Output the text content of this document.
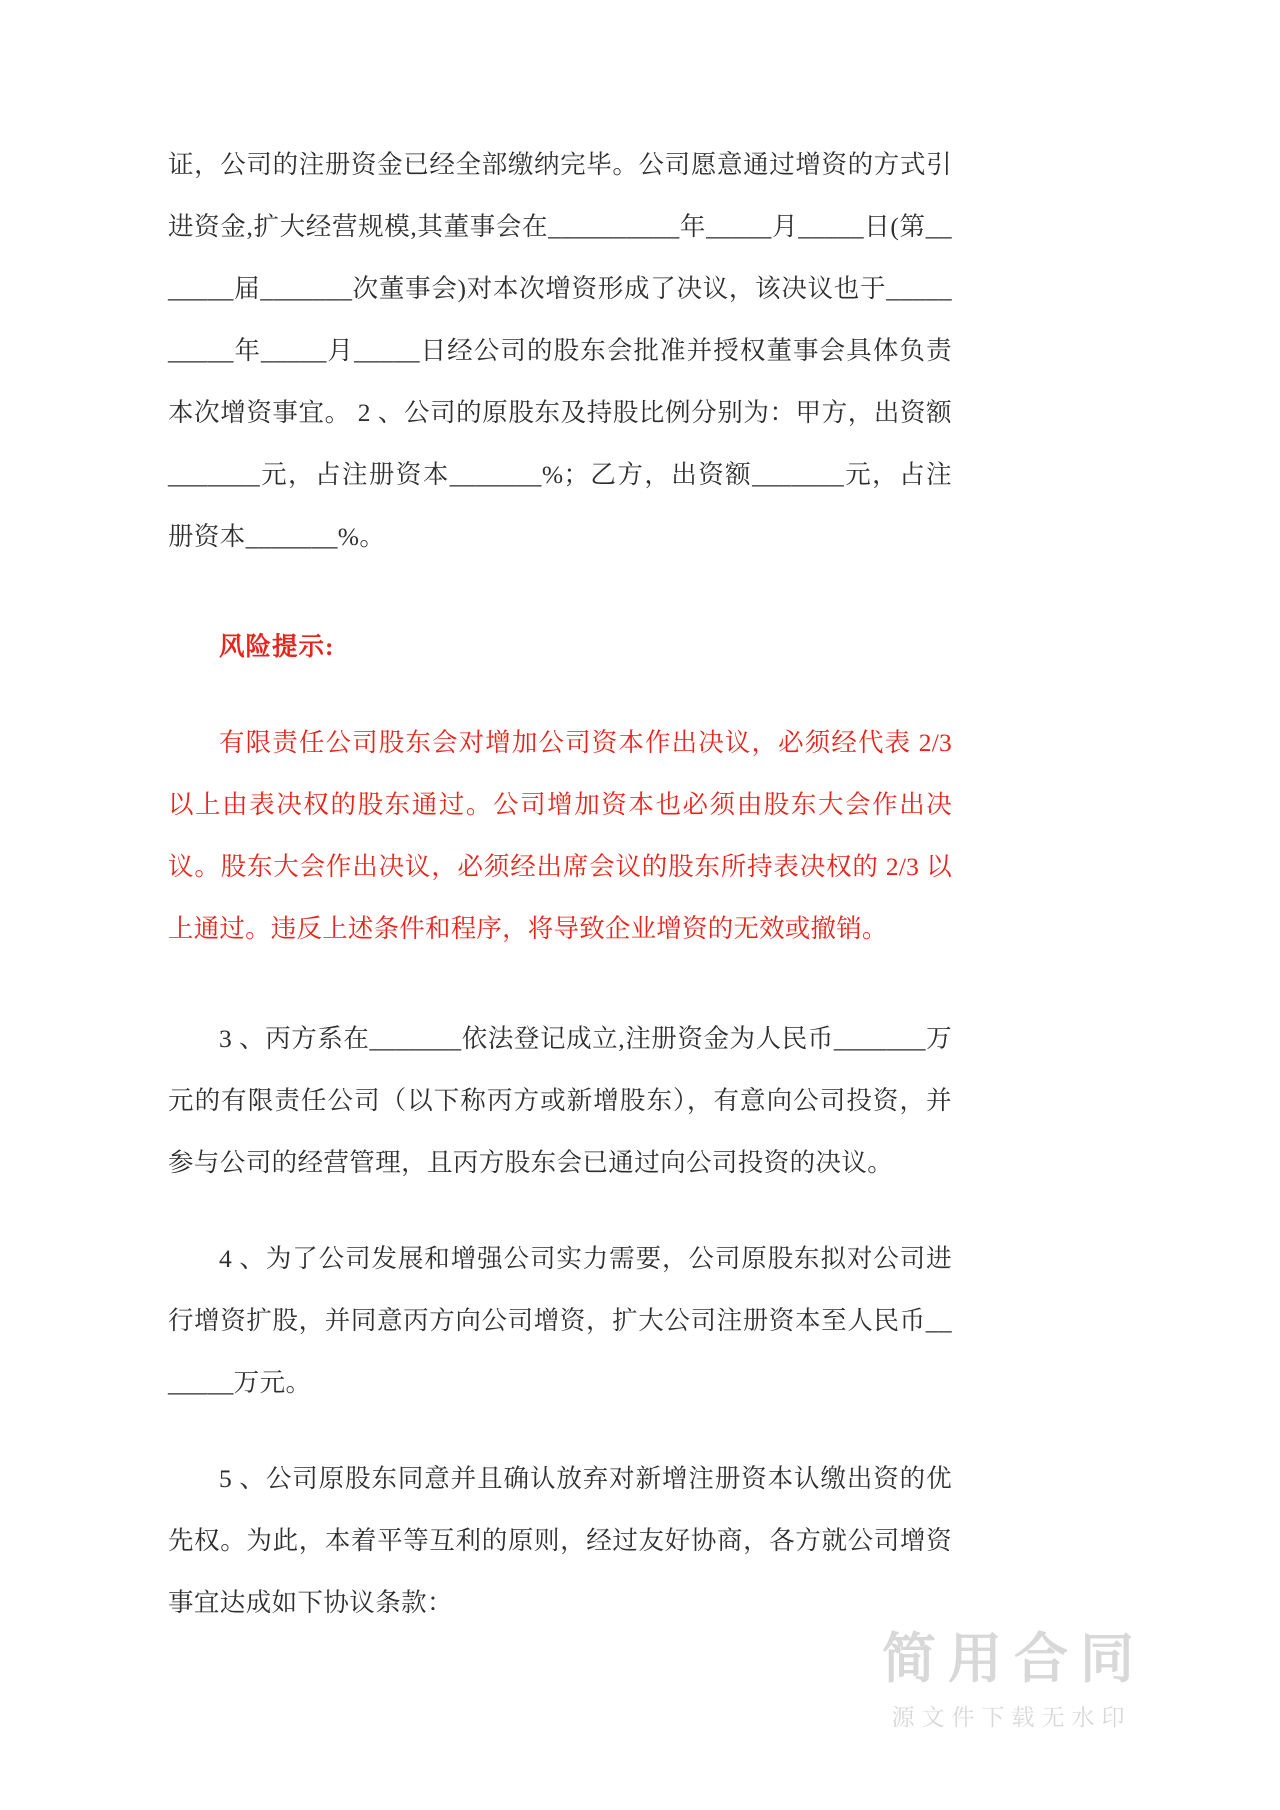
证，公司的注册资金已经全部缴纳完毕。公司愿意通过增资的方式引进资金,扩大经营规模,其董事会在__________年_____月_____日(第_______届_______次董事会)对本次增资形成了决议，该决议也于__________年_____月_____日经公司的股东会批准并授权董事会具体负责本次增资事宜。 2 、公司的原股东及持股比例分别为：甲方，出资额_______元，占注册资本_______%；乙方，出资额_______元，占注册资本_______%。

风险提示:

有限责任公司股东会对增加公司资本作出决议，必须经代表 2/3 以上由表决权的股东通过。公司增加资本也必须由股东大会作出决议。股东大会作出决议，必须经出席会议的股东所持表决权的 2/3 以上通过。违反上述条件和程序，将导致企业增资的无效或撤销。

3 、丙方系在_______依法登记成立,注册资金为人民币_______万元的有限责任公司（以下称丙方或新增股东），有意向公司投资，并参与公司的经营管理，且丙方股东会已通过向公司投资的决议。

4 、为了公司发展和增强公司实力需要，公司原股东拟对公司进行增资扩股，并同意丙方向公司增资，扩大公司注册资本至人民币_______万元。

5 、公司原股东同意并且确认放弃对新增注册资本认缴出资的优先权。为此，本着平等互利的原则，经过友好协商，各方就公司增资事宜达成如下协议条款：

简用合同
源文件下载无水印
